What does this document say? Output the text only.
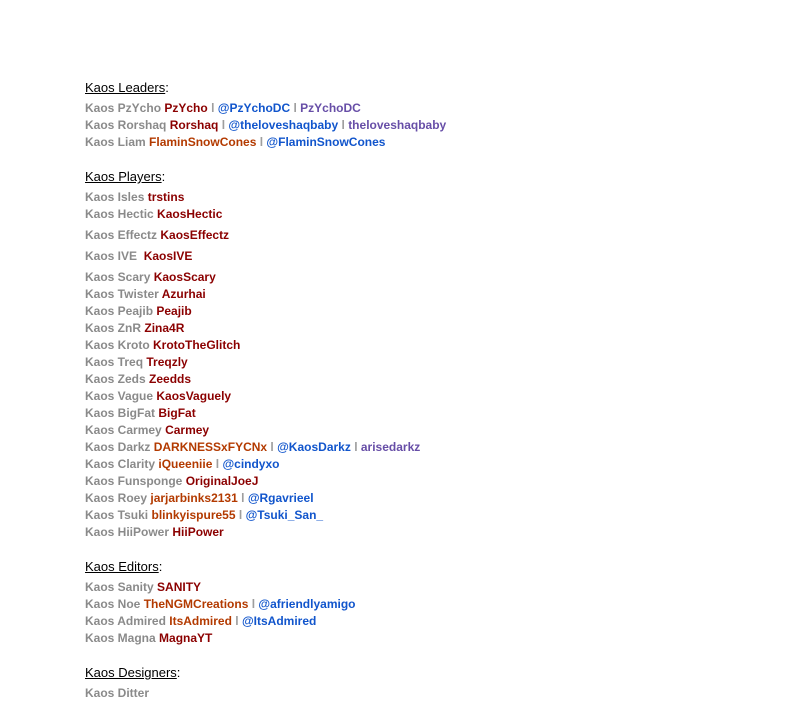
Kaos Leaders:
Kaos PzYcho PzYcho l @PzYchoDC l PzYchoDC
Kaos Rorshaq Rorshaq l @theloveshaqbaby l theloveshaqbaby
Kaos Liam FlaminSnowCones l @FlaminSnowCones
Kaos Players:
Kaos Isles trstins
Kaos Hectic KaosHectic
Kaos Effectz KaosEffectz
Kaos IVE KaosIVE
Kaos Scary KaosScary
Kaos Twister Azurhai
Kaos Peajib Peajib
Kaos ZnR Zina4R
Kaos Kroto KrotoTheGlitch
Kaos Treq Treqzly
Kaos Zeds Zeedds
Kaos Vague KaosVaguely
Kaos BigFat BigFat
Kaos Carmey Carmey
Kaos Darkz DARKNESSxFYCNx l @KaosDarkz l arisedarkz
Kaos Clarity iQueeniie l @cindyxo
Kaos Funsponge OriginalJoeJ
Kaos Roey jarjarbinks2131 l @Rgavrieel
Kaos Tsuki blinkyispure55 l @Tsuki_San_
Kaos HiiPower HiiPower
Kaos Editors:
Kaos Sanity SANITY
Kaos Noe TheNGMCreations l @afriendlyamigo
Kaos Admired ItsAdmired l @ItsAdmired
Kaos Magna MagnaYT
Kaos Designers:
Kaos Ditter
